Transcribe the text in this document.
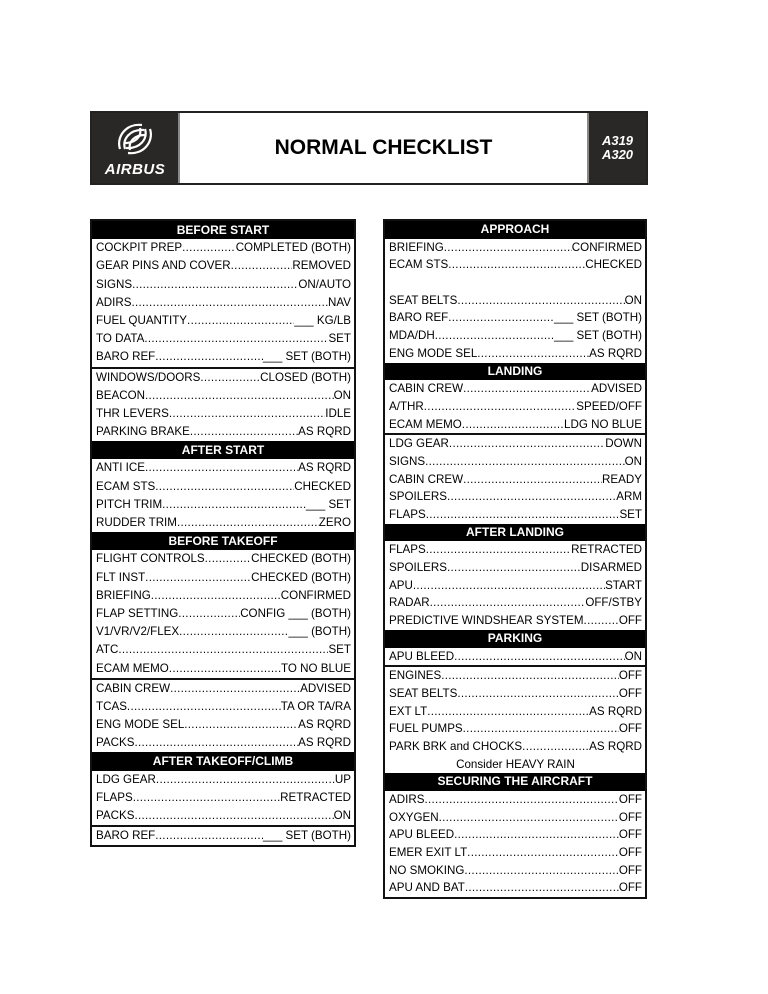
AIRBUS
NORMAL CHECKLIST	A319
A320
BEFORE START
COCKPIT PREP .....	COMPLETED (BOTH)
GEAR PINS AND COVER .....	REMOVED
SIGNS .....	ON/AUTO
ADIRS .....	NAV
FUEL QUANTITY .....	___ KG/LB
TO DATA .....	SET
BARO REF .....	___ SET (BOTH)
WINDOWS/DOORS .....	CLOSED (BOTH)
BEACON .....	ON
THR LEVERS .....	IDLE
PARKING BRAKE .....	AS RQRD
AFTER START
ANTI ICE .....	AS RQRD
ECAM STS .....	CHECKED
PITCH TRIM .....	___ SET
RUDDER TRIM .....	ZERO
BEFORE TAKEOFF
FLIGHT CONTROLS .....	CHECKED (BOTH)
FLT INST .....	CHECKED (BOTH)
BRIEFING .....	CONFIRMED
FLAP SETTING .....	CONFIG ___ (BOTH)
V1/VR/V2/FLEX .....	___ (BOTH)
ATC .....	SET
ECAM MEMO .....	TO NO BLUE
CABIN CREW .....	ADVISED
TCAS .....	TA OR TA/RA
ENG MODE SEL .....	AS RQRD
PACKS .....	AS RQRD
AFTER TAKEOFF/CLIMB
LDG GEAR .....	UP
FLAPS .....	RETRACTED
PACKS .....	ON
BARO REF .....	___ SET (BOTH)
APPROACH
BRIEFING .....	CONFIRMED
ECAM STS .....	CHECKED
SEAT BELTS .....	ON
BARO REF .....	___ SET (BOTH)
MDA/DH .....	___ SET (BOTH)
ENG MODE SEL .....	AS RQRD
LANDING
CABIN CREW .....	ADVISED
A/THR .....	SPEED/OFF
ECAM MEMO .....	LDG NO BLUE
LDG GEAR .....	DOWN
SIGNS .....	ON
CABIN CREW .....	READY
SPOILERS .....	ARM
FLAPS .....	SET
AFTER LANDING
FLAPS .....	RETRACTED
SPOILERS .....	DISARMED
APU .....	START
RADAR .....	OFF/STBY
PREDICTIVE WINDSHEAR SYSTEM .....	OFF
PARKING
APU BLEED .....	ON
ENGINES .....	OFF
SEAT BELTS .....	OFF
EXT LT .....	AS RQRD
FUEL PUMPS .....	OFF
PARK BRK and CHOCKS .....	AS RQRD
Consider HEAVY RAIN
SECURING THE AIRCRAFT
ADIRS .....	OFF
OXYGEN .....	OFF
APU BLEED .....	OFF
EMER EXIT LT .....	OFF
NO SMOKING .....	OFF
APU AND BAT .....	OFF
